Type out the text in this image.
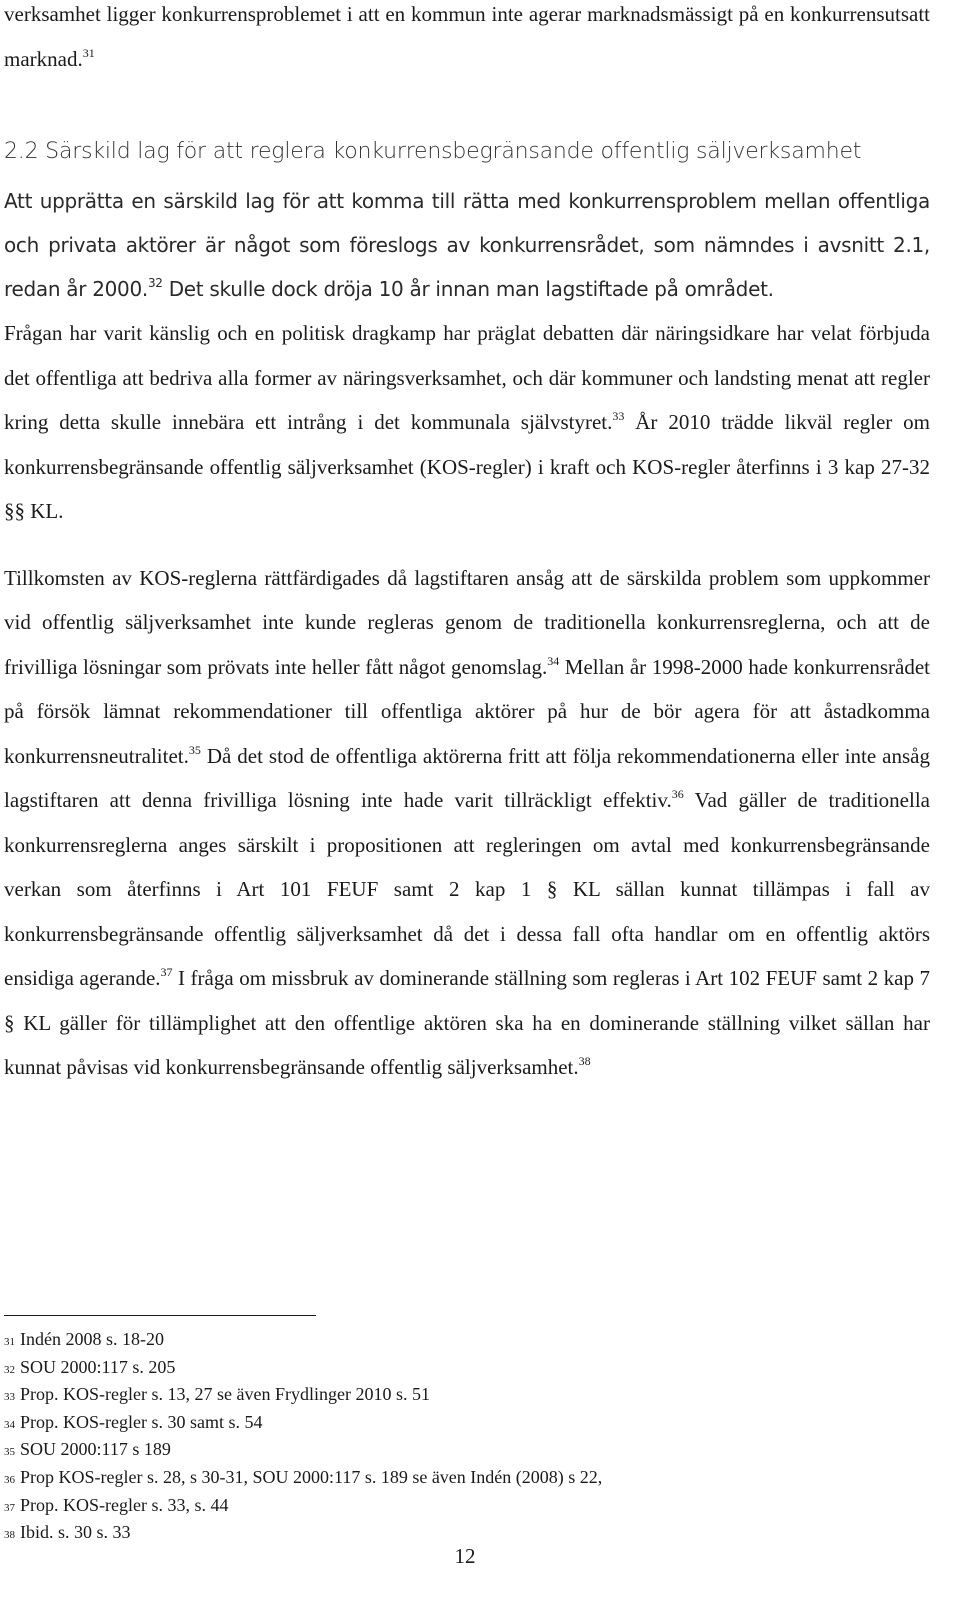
verksamhet ligger konkurrensproblemet i att en kommun inte agerar marknadsmässigt på en konkurrensutsatt marknad.$^{31}$

2.2 Särskild lag för att reglera konkurrensbegränsande offentlig säljverksamhet

Att upprätta en särskild lag för att komma till rätta med konkurrensproblem mellan offentliga och privata aktörer är något som föreslogs av konkurrensrådet, som nämndes i avsnitt 2.1, redan år 2000.32 Det skulle dock dröja 10 år innan man lagstiftade på området.

Frågan har varit känslig och en politisk dragkamp har präglat debatten där näringsidkare har velat förbjuda det offentliga att bedriva alla former av näringsverksamhet, och där kommuner och landsting menat att regler kring detta skulle innebära ett intrång i det kommunala självstyret.$^{33}$ År 2010 trädde likväl regler om konkurrensbegränsande offentlig säljverksamhet (KOS-regler) i kraft och KOS-regler återfinns i 3 kap 27-32 §§ KL.

Tillkomsten av KOS-reglerna rättfärdigades då lagstiftaren ansåg att de särskilda problem som uppkommer vid offentlig säljverksamhet inte kunde regleras genom de traditionella konkurrensreglerna, och att de frivilliga lösningar som prövats inte heller fått något genomslag.$^{34}$ Mellan år 1998-2000 hade konkurrensrådet på försök lämnat rekommendationer till offentliga aktörer på hur de bör agera för att åstadkomma konkurrensneutralitet.$^{35}$ Då det stod de offentliga aktörerna fritt att följa rekommendationerna eller inte ansåg lagstiftaren att denna frivilliga lösning inte hade varit tillräckligt effektiv.$^{36}$ Vad gäller de traditionella konkurrensreglerna anges särskilt i propositionen att regleringen om avtal med konkurrensbegränsande verkan som återfinns i Art 101 FEUF samt 2 kap 1 § KL sällan kunnat tillämpas i fall av konkurrensbegränsande offentlig säljverksamhet då det i dessa fall ofta handlar om en offentlig aktörs ensidiga agerande.$^{37}$ I fråga om missbruk av dominerande ställning som regleras i Art 102 FEUF samt 2 kap 7 § KL gäller för tillämplighet att den offentlige aktören ska ha en dominerande ställning vilket sällan har kunnat påvisas vid konkurrensbegränsande offentlig säljverksamhet.$^{38}$

31 Indén 2008 s. 18-20
32 SOU 2000:117 s. 205
33 Prop. KOS-regler s. 13, 27 se även Frydlinger 2010 s. 51
34 Prop. KOS-regler s. 30 samt s. 54
35 SOU 2000:117 s 189
36 Prop KOS-regler s. 28, s 30-31, SOU 2000:117 s. 189 se även Indén (2008) s 22,
37 Prop. KOS-regler s. 33, s. 44
38 Ibid. s. 30 s. 33
12
